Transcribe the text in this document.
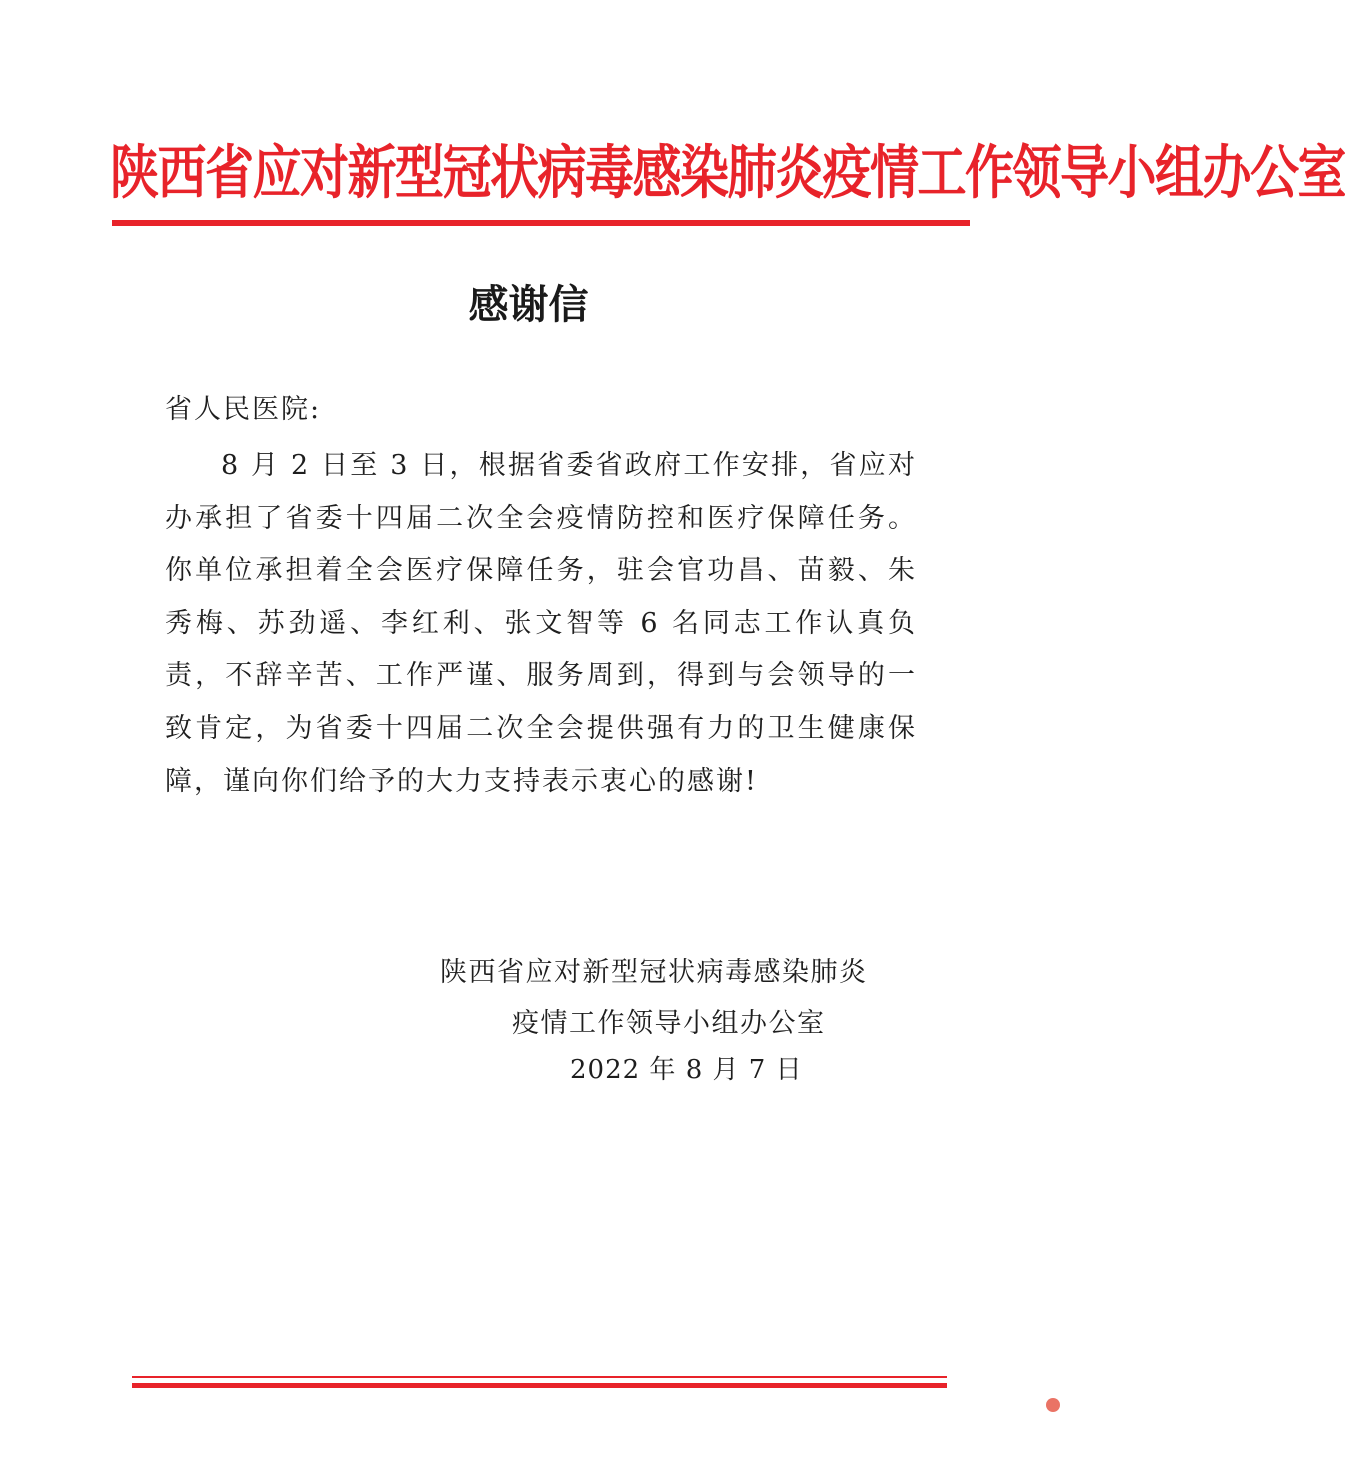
陕西省应对新型冠状病毒感染肺炎疫情工作领导小组办公室
感谢信
省人民医院:
8 月 2 日至 3 日，根据省委省政府工作安排，省应对办承担了省委十四届二次全会疫情防控和医疗保障任务。你单位承担着全会医疗保障任务，驻会官功昌、苗毅、朱秀梅、苏劲遥、李红利、张文智等 6 名同志工作认真负责，不辞辛苦、工作严谨、服务周到，得到与会领导的一致肯定，为省委十四届二次全会提供强有力的卫生健康保障，谨向你们给予的大力支持表示衷心的感谢!
陕西省应对新型冠状病毒感染肺炎
疫情工作领导小组办公室
2022 年 8 月 7 日
